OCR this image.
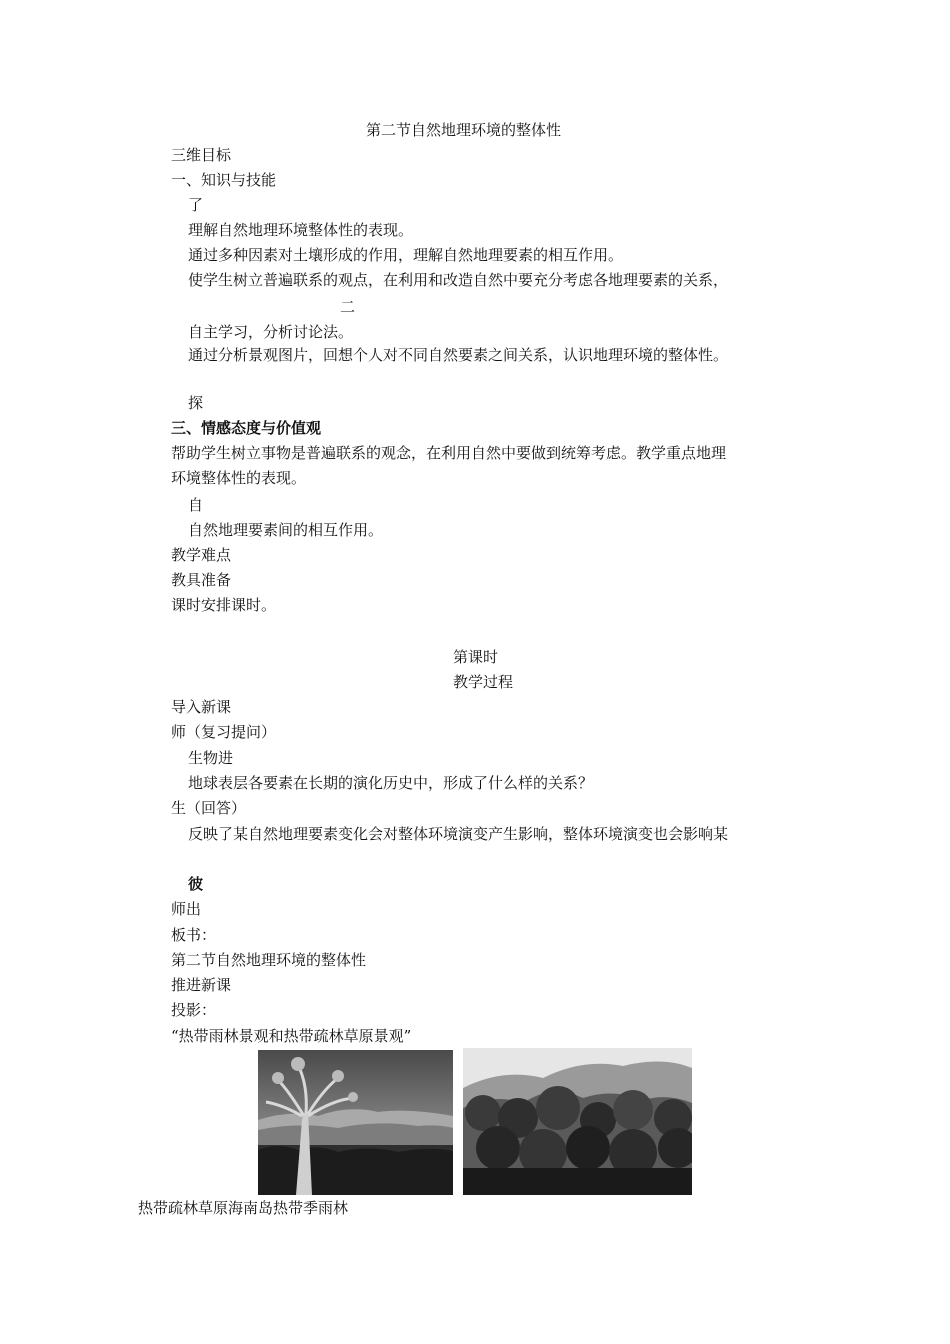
第二节自然地理环境的整体性
三维目标
一、知识与技能
了
理解自然地理环境整体性的表现。
通过多种因素对土壤形成的作用，理解自然地理要素的相互作用。
使学生树立普遍联系的观点，在利用和改造自然中要充分考虑各地理要素的关系，
二
自主学习，分析讨论法。
通过分析景观图片，回想个人对不同自然要素之间关系，认识地理环境的整体性。
探
三、情感态度与价值观
帮助学生树立事物是普遍联系的观念，在利用自然中要做到统筹考虑。教学重点地理
环境整体性的表现。
自
自然地理要素间的相互作用。
教学难点
教具准备
课时安排课时。
第课时
教学过程
导入新课
师（复习提问）
生物进
地球表层各要素在长期的演化历史中，形成了什么样的关系？
生（回答）
反映了某自然地理要素变化会对整体环境演变产生影响，整体环境演变也会影响某
彼
师出
板书：
第二节自然地理环境的整体性
推进新课
投影：
“热带雨林景观和热带疏林草原景观”
热带疏林草原海南岛热带季雨林
